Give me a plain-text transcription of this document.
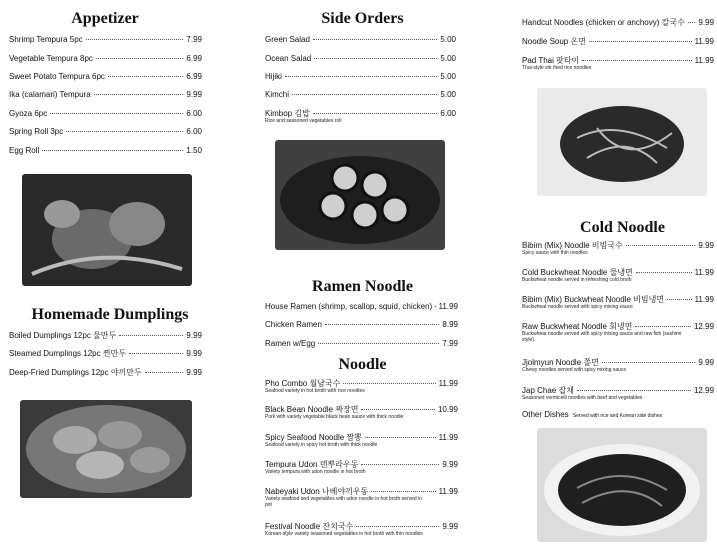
Appetizer
Shrimp Tempura 5pc	7.99
Vegetable Tempura 8pc	6.99
Sweet Potato Tempura 6pc	6.99
Ika (calamari) Tempura	9.99
Gyoza 6pc	6.00
Spring Roll 3pc	6.00
Egg Roll	1.50
Homemade Dumplings
Boiled Dumplings 12pc 물만두	9.99
Steamed Dumplings 12pc 찐만두	9.99
Deep-Fried Dumplings 12pc 야끼만두	9.99
Side Orders
Green Salad	5.00
Ocean Salad	5.00
Hijiki	5.00
Kimchi	5.00
Kimbop 김밥	6.00
Rice and seasoned vegetables roll
Ramen Noodle
House Ramen (shrimp, scallop, squid, chicken) 11.99
Chicken Ramen	8.99
Ramen w/Egg	7.99
Noodle
Pho Combo 월남국수	11.99
Seafood variety in hot broth with rice noodles
Black Bean Noodle 짜장면	10.99
Pork with variety vegetable black bean sauce with thick noodle
Spicy Seafood Noodle 짬뽕	11.99
Seafood variety in spicy hot broth with thick noodle
Tempura Udon 덴뿌라우동	9.99
Variety tempura with udon noodle in hot broth
Nabeyaki Udon 나베야끼우동	11.99
Variety seafood and vegetables with udon noodle in hot broth served in pot
Festival Noodle 잔치국수	9.99
Korean-style variety seasoned vegetables in hot broth with thin noodles
Handcut Noodles (chicken or anchovy) 칼국수 9.99
Noodle Soup 온면	11.99
Pad Thai 팟타이	11.99
Thai-style stir fried rice noodles
Cold Noodle
Bibim (Mix) Noodle 비빔국수	9.99
Spicy sauce with thin noodles
Cold Buckwheat Noodle 물냉면	11.99
Buckwheat noodle served in refreshing cold broth
Bibim (Mix) Buckwheat Noodle 비빔냉면	11.99
Buckwheat noodle served with spicy mixing sauce
Raw Buckwheat Noodle 회냉면	12.99
Buckwheat noodle served with spicy mixing sauce and raw fish (sashimi style)
Jjolmyun Noodle 쫄면	9.99
Chewy noodles served with spicy mixing sauce
Jap Chae 잡채	12.99
Seasoned vermicelli noodles with beef and vegetables
Other Dishes Served with rice and Korean side dishes
